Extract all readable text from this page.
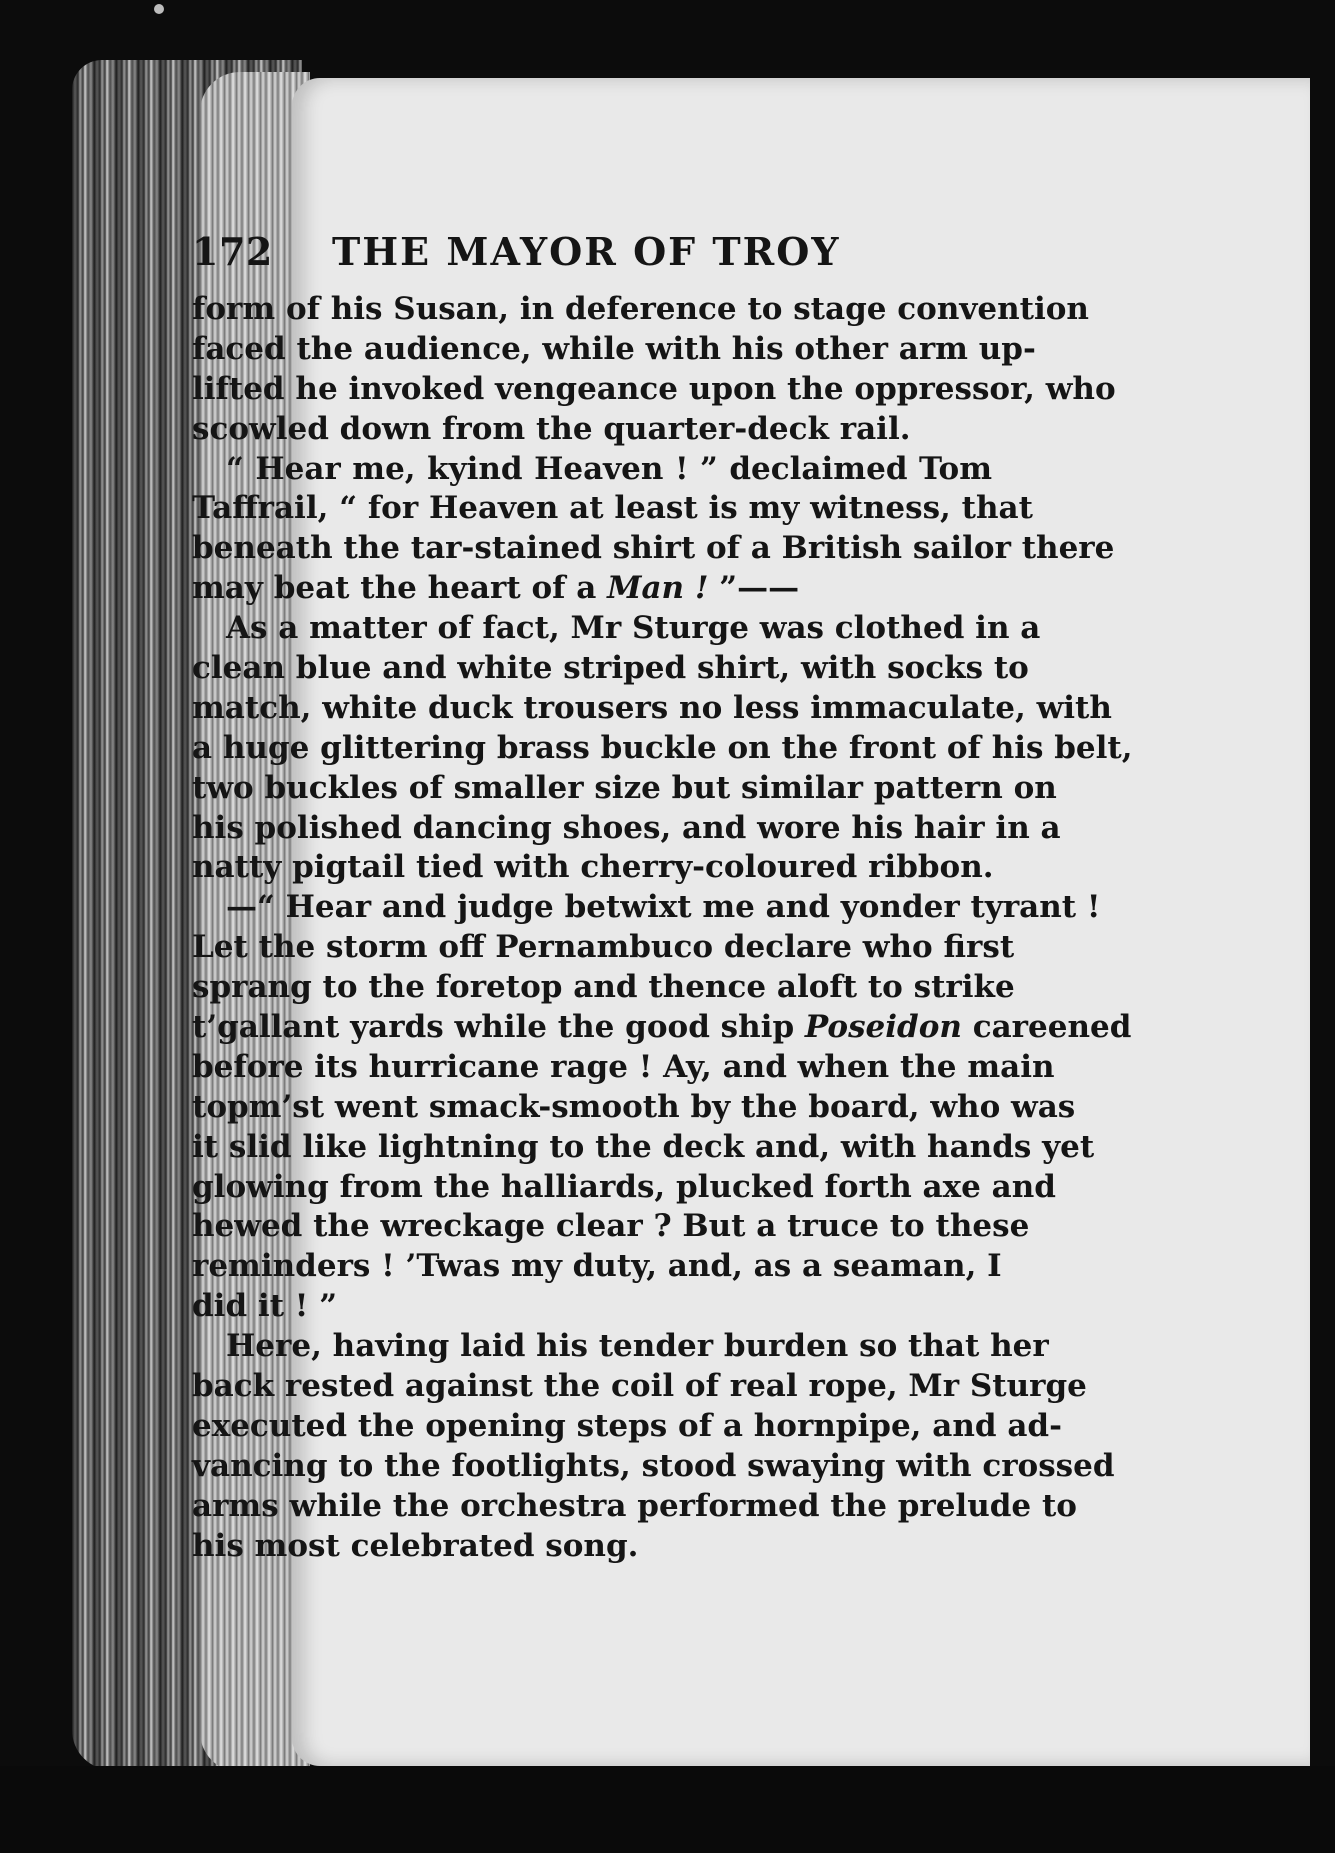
172	THE MAYOR OF TROY
form of his Susan, in deference to stage convention
faced the audience, while with his other arm up-
lifted he invoked vengeance upon the oppressor, who
scowled down from the quarter-deck rail.
“ Hear me, kyind Heaven ! ” declaimed Tom
Taffrail, “ for Heaven at least is my witness, that
beneath the tar-stained shirt of a British sailor there
may beat the heart of a Man ! ”——
As a matter of fact, Mr Sturge was clothed in a
clean blue and white striped shirt, with socks to
match, white duck trousers no less immaculate, with
a huge glittering brass buckle on the front of his belt,
two buckles of smaller size but similar pattern on
his polished dancing shoes, and wore his hair in a
natty pigtail tied with cherry-coloured ribbon.
—“ Hear and judge betwixt me and yonder tyrant !
Let the storm off Pernambuco declare who first
sprang to the foretop and thence aloft to strike
t’gallant yards while the good ship Poseidon careened
before its hurricane rage ! Ay, and when the main
topm’st went smack-smooth by the board, who was
it slid like lightning to the deck and, with hands yet
glowing from the halliards, plucked forth axe and
hewed the wreckage clear ? But a truce to these
reminders ! ’Twas my duty, and, as a seaman, I
did it ! ”
Here, having laid his tender burden so that her
back rested against the coil of real rope, Mr Sturge
executed the opening steps of a hornpipe, and ad-
vancing to the footlights, stood swaying with crossed
arms while the orchestra performed the prelude to
his most celebrated song.
